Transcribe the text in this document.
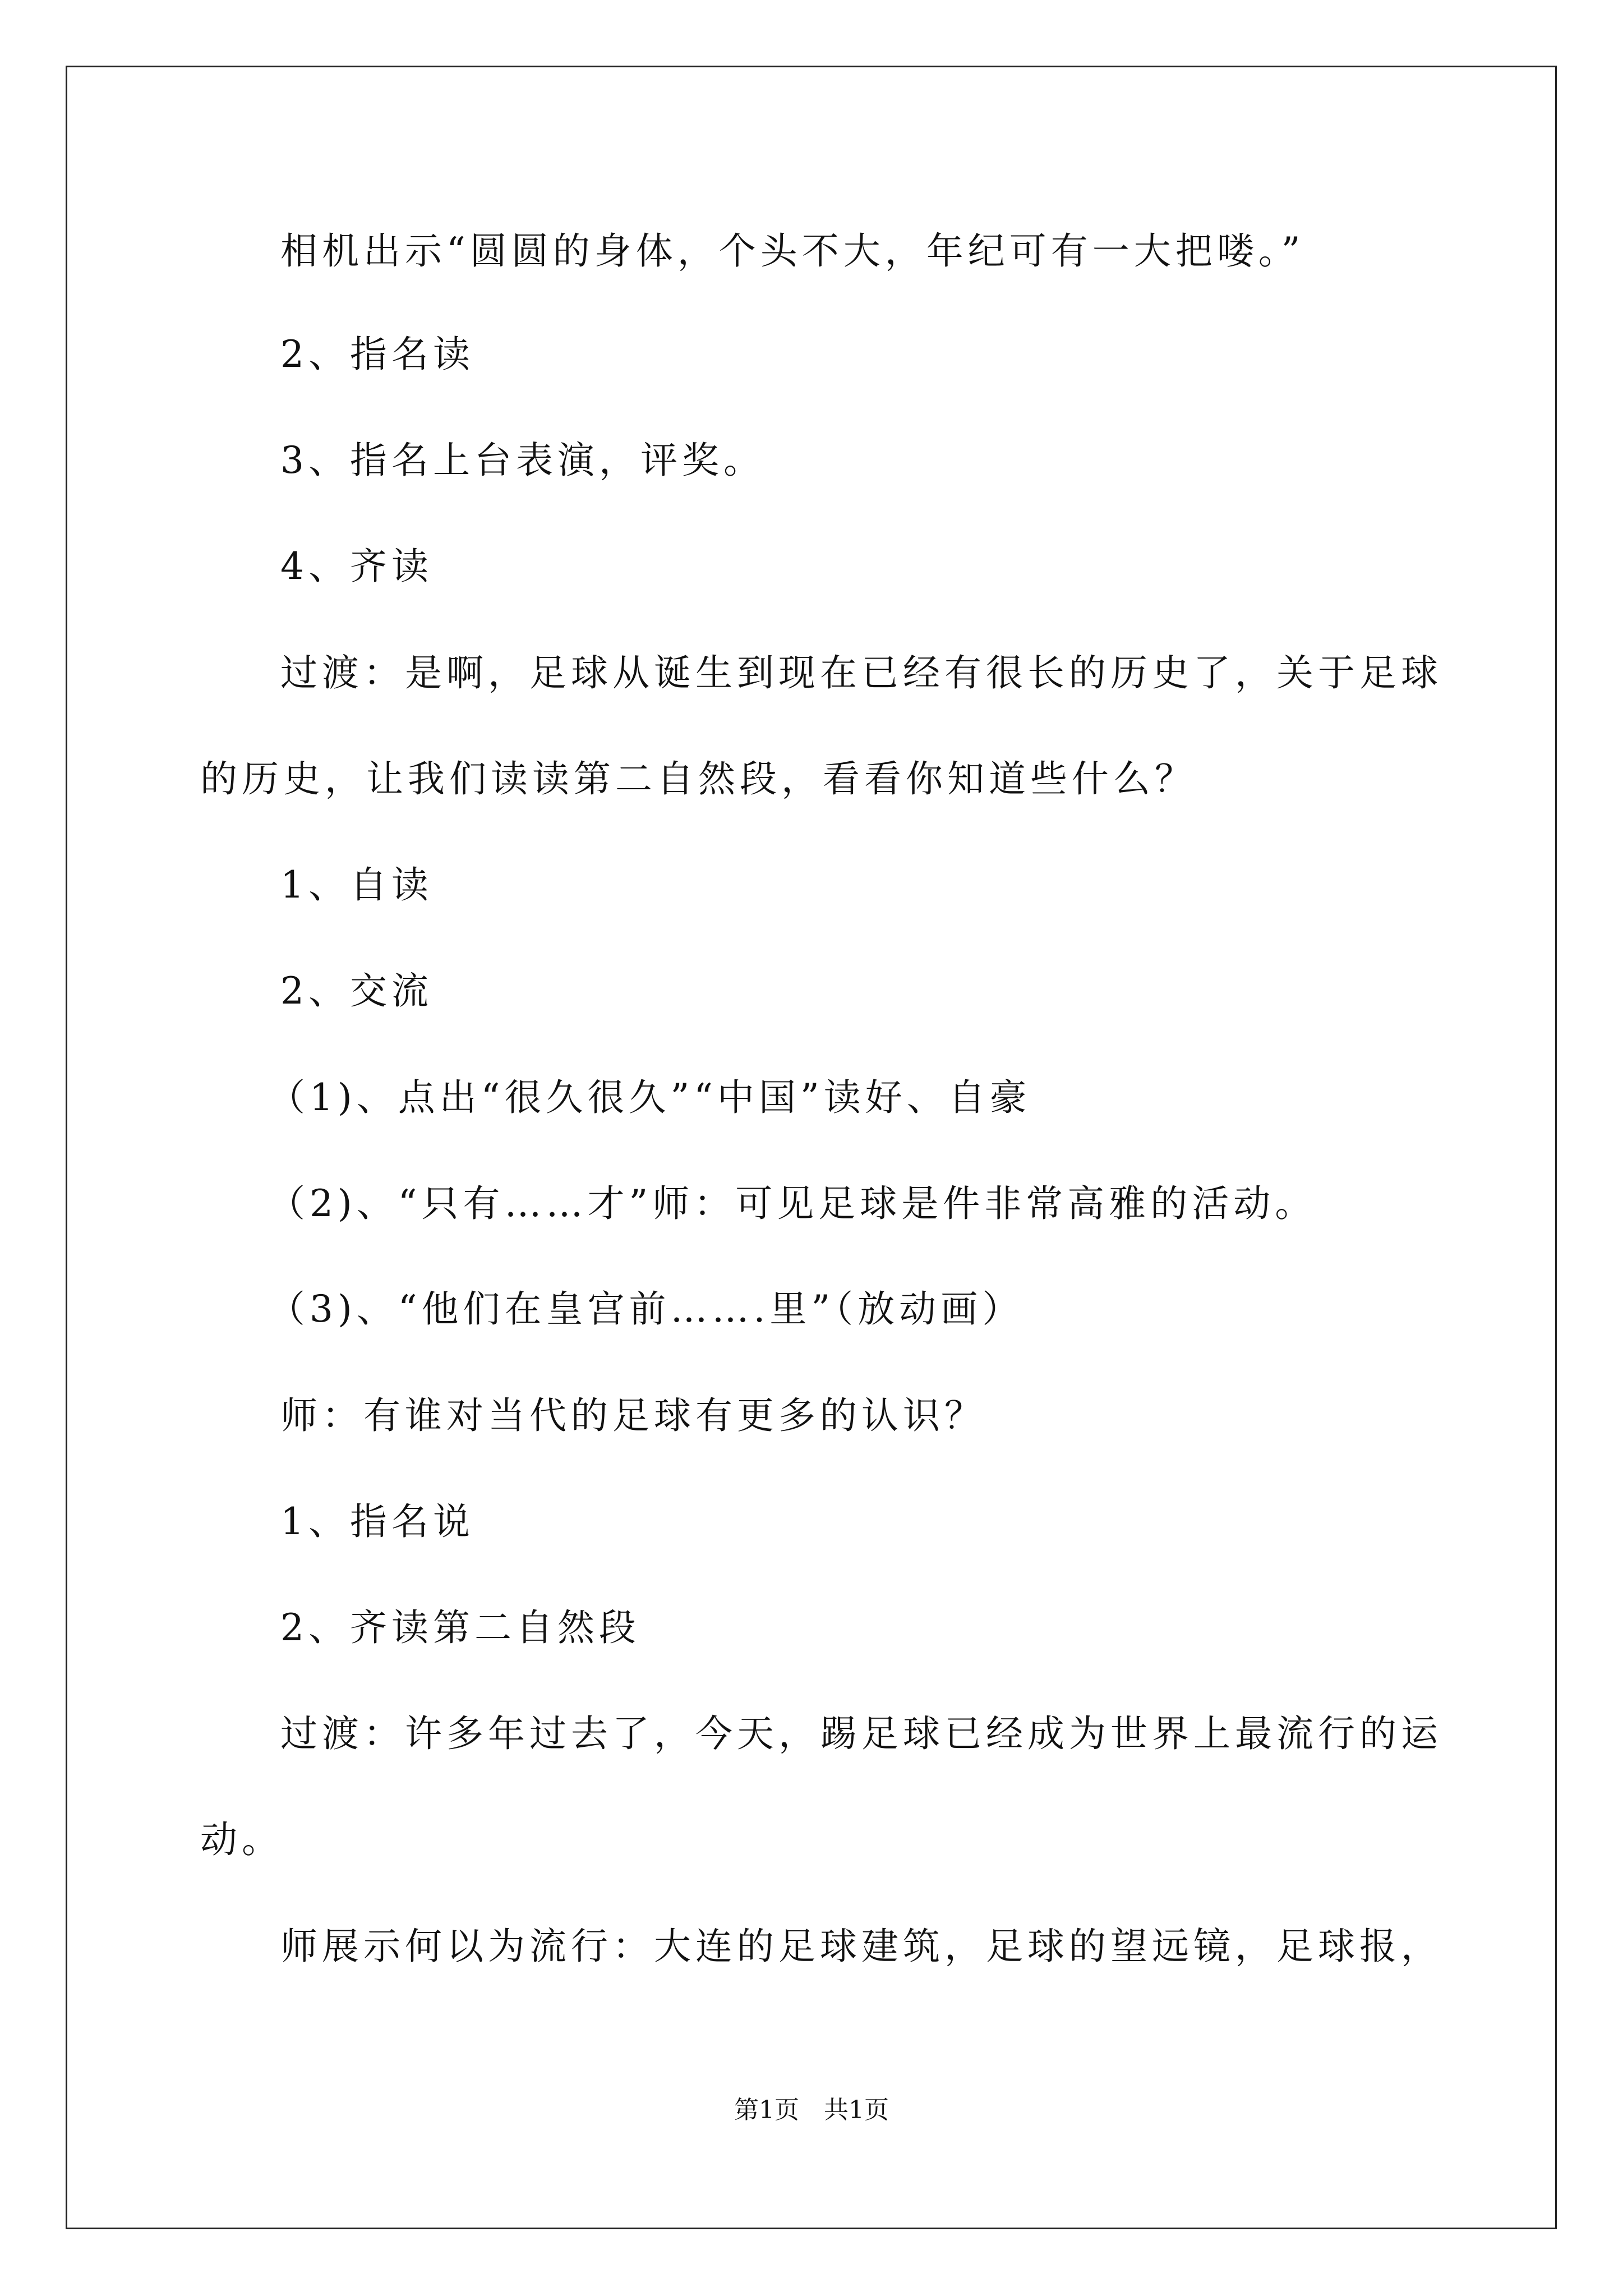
相机出示“圆圆的身体，个头不大，年纪可有一大把喽。”
2、指名读
3、指名上台表演，评奖。
4、齐读
过渡：是啊，足球从诞生到现在已经有很长的历史了，关于足球
的历史，让我们读读第二自然段，看看你知道些什么？
1、自读
2、交流
（1)、点出“很久很久”“中国”读好、自豪
（2)、“只有……才”师：可见足球是件非常高雅的活动。
（3)、“他们在皇宫前…….里”（放动画）
师：有谁对当代的足球有更多的认识？
1、指名说
2、齐读第二自然段
过渡：许多年过去了，今天，踢足球已经成为世界上最流行的运
动。
师展示何以为流行：大连的足球建筑，足球的望远镜，足球报，
第1页　共1页
